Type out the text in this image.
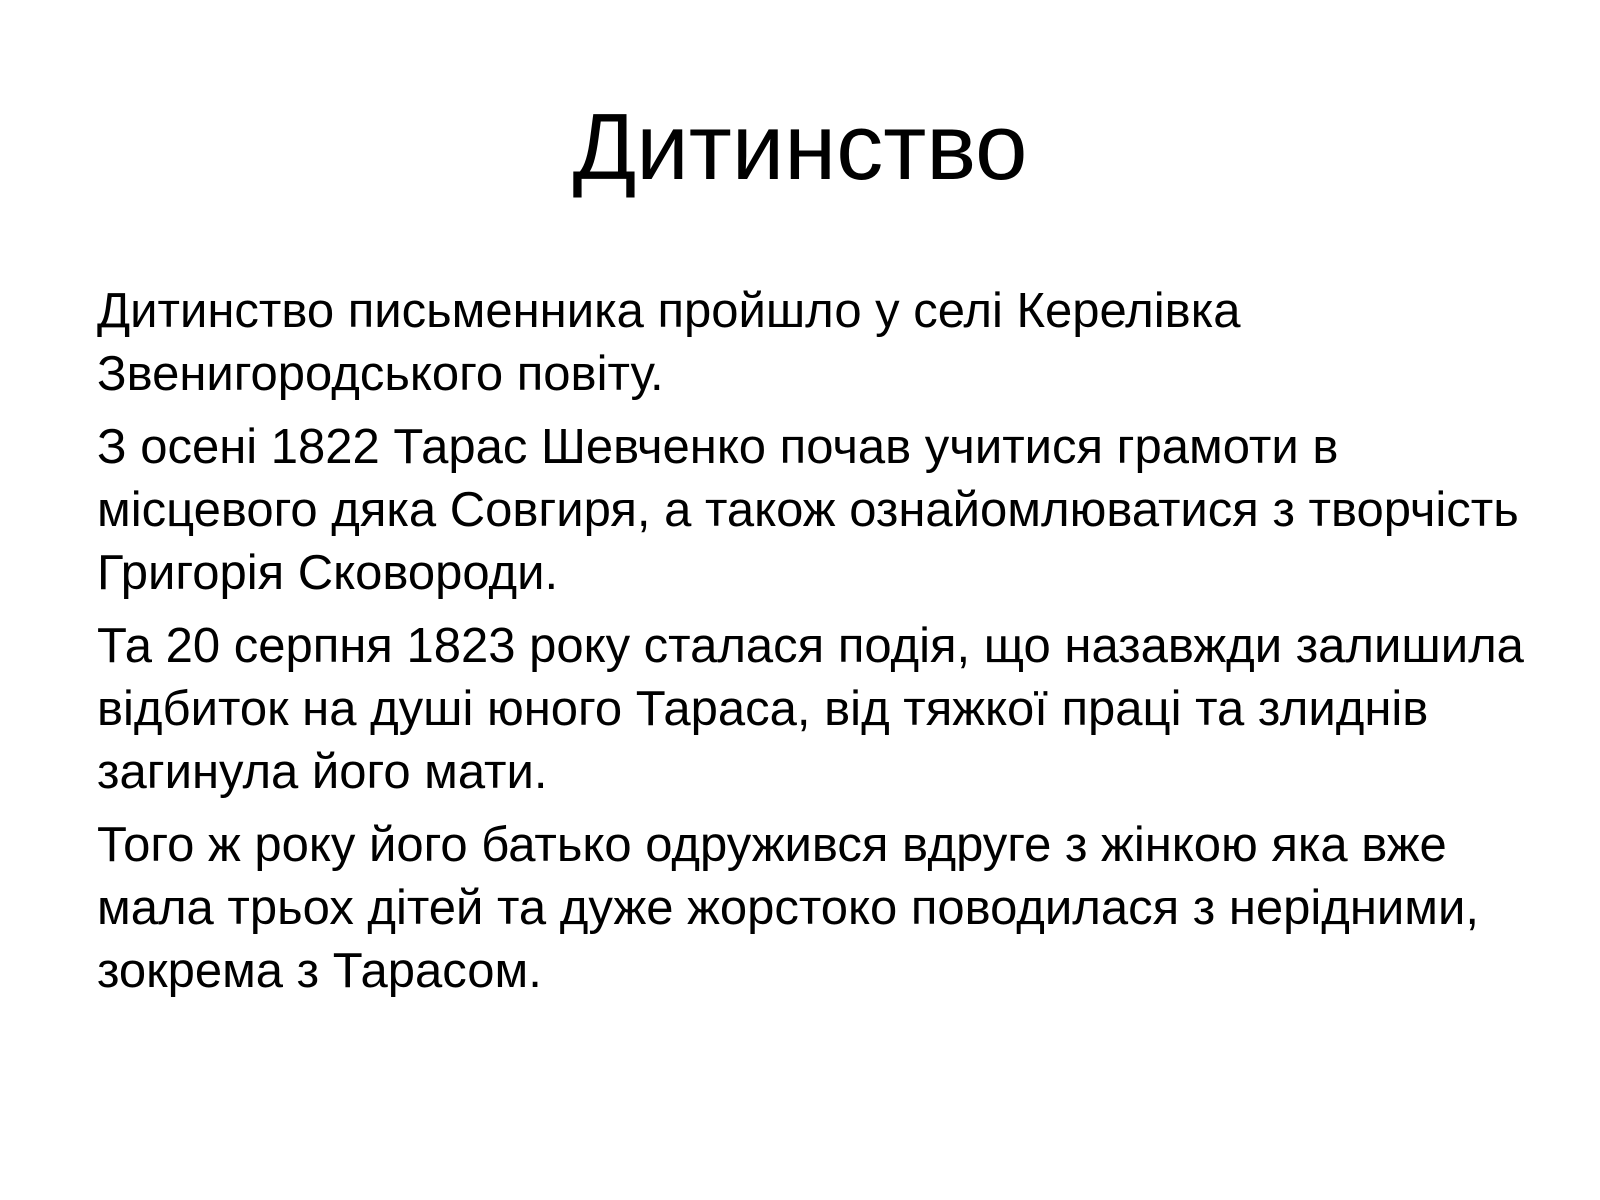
Дитинство

Дитинство письменника пройшло у селі Керелівка Звенигородського повіту.

З осені 1822 Тарас Шевченко почав учитися грамоти в місцевого дяка Совгиря, а також ознайомлюватися з творчість Григорія Сковороди.

Та 20 серпня 1823 року сталася подія, що назавжди залишила відбиток на душі юного Тараса, від тяжкої праці та злиднів загинула його мати.

Того ж року його батько одружився вдруге з жінкою яка вже мала трьох дітей та дуже жорстоко поводилася з нерідними, зокрема з Тарасом.
